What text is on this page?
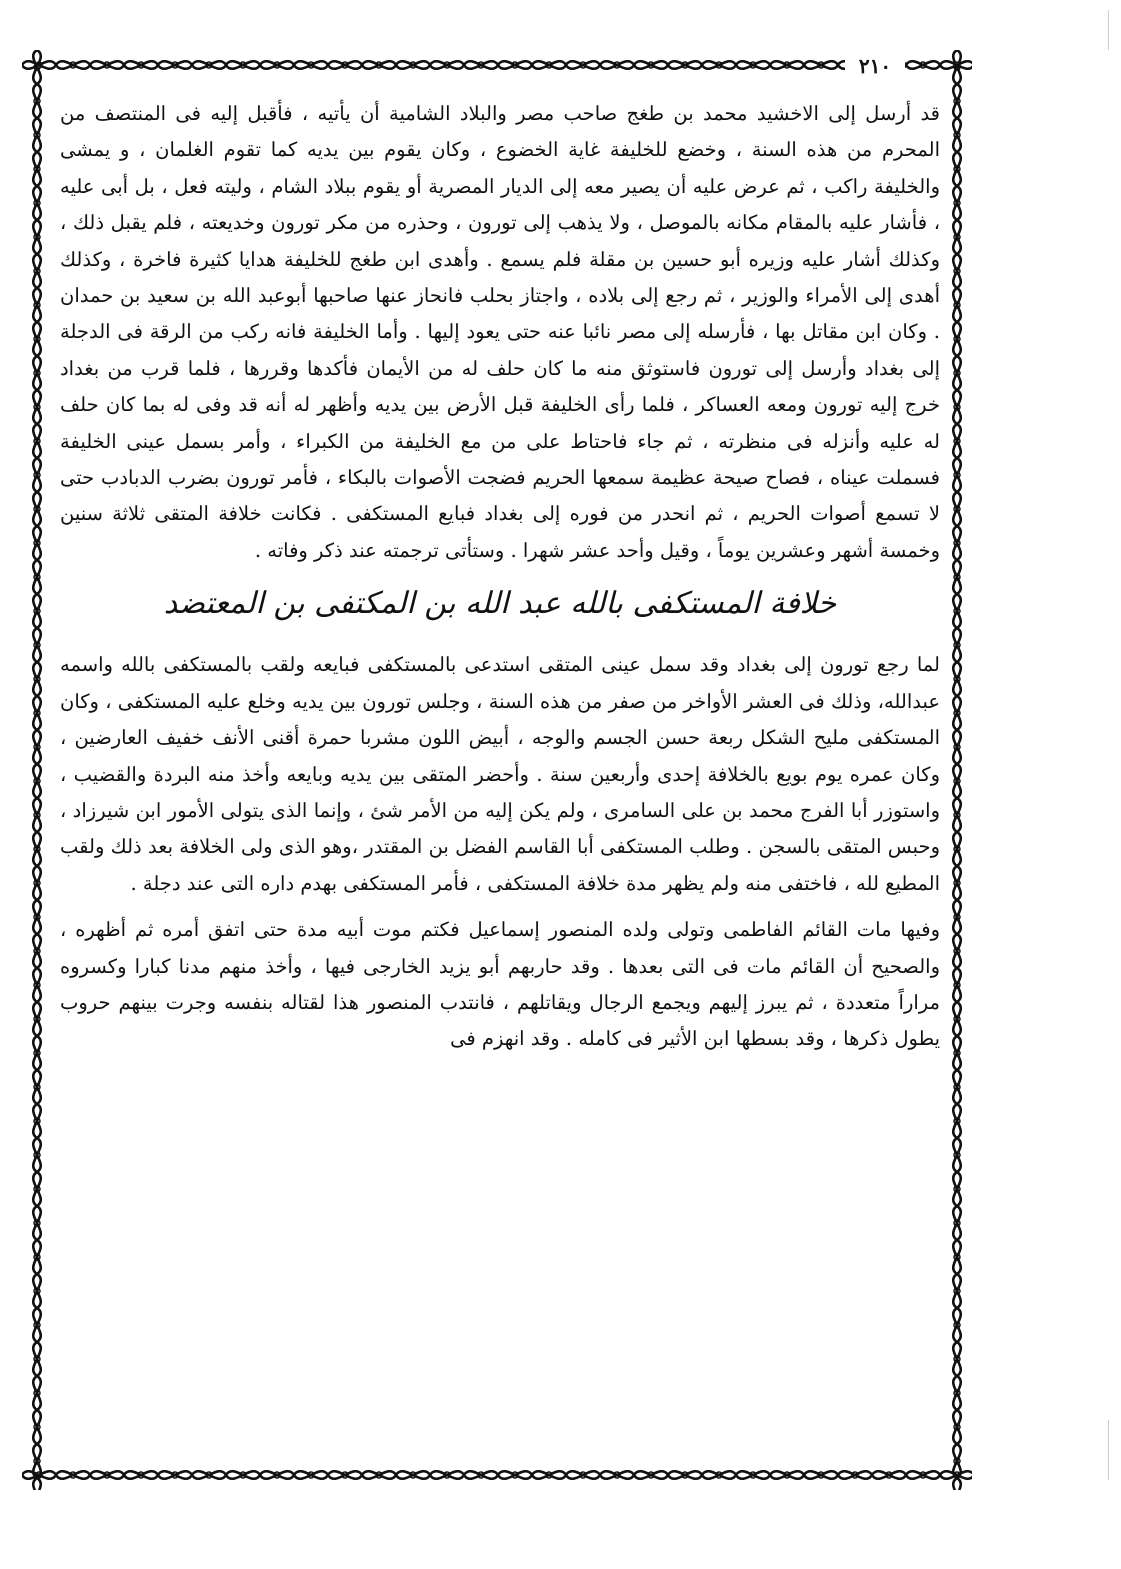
٢١٠

قد أرسل إلى الاخشيد محمد بن طغج صاحب مصر والبلاد الشامية أن يأتيه ، فأقبل إليه فى المنتصف من المحرم من هذه السنة ، وخضع للخليفة غاية الخضوع ، وكان يقوم بين يديه كما تقوم الغلمان ، و يمشى والخليفة راكب ، ثم عرض عليه أن يصير معه إلى الديار المصرية أو يقوم ببلاد الشام ، وليته فعل ، بل أبى عليه ، فأشار عليه بالمقام مكانه بالموصل ، ولا يذهب إلى تورون ، وحذره من مكر تورون وخديعته ، فلم يقبل ذلك ، وكذلك أشار عليه وزيره أبو حسين بن مقلة فلم يسمع . وأهدى ابن طغج للخليفة هدايا كثيرة فاخرة ، وكذلك أهدى إلى الأمراء والوزير ، ثم رجع إلى بلاده ، واجتاز بحلب فانحاز عنها صاحبها أبوعبد الله بن سعيد بن حمدان . وكان ابن مقاتل بها ، فأرسله إلى مصر نائبا عنه حتى يعود إليها . وأما الخليفة فانه ركب من الرقة فى الدجلة إلى بغداد وأرسل إلى تورون فاستوثق منه ما كان حلف له من الأيمان فأكدها وقررها ، فلما قرب من بغداد خرج إليه تورون ومعه العساكر ، فلما رأى الخليفة قبل الأرض بين يديه وأظهر له أنه قد وفى له بما كان حلف له عليه وأنزله فى منظرته ، ثم جاء فاحتاط على من مع الخليفة من الكبراء ، وأمر بسمل عينى الخليفة فسملت عيناه ، فصاح صيحة عظيمة سمعها الحريم فضجت الأصوات بالبكاء ، فأمر تورون بضرب الدبادب حتى لا تسمع أصوات الحريم ، ثم انحدر من فوره إلى بغداد فبايع المستكفى . فكانت خلافة المتقى ثلاثة سنين وخمسة أشهر وعشرين يوماً ، وقيل وأحد عشر شهرا . وستأتى ترجمته عند ذكر وفاته .

خلافة المستكفى بالله عبد الله بن المكتفى بن المعتضد

لما رجع تورون إلى بغداد وقد سمل عينى المتقى استدعى بالمستكفى فبايعه ولقب بالمستكفى بالله واسمه عبدالله، وذلك فى العشر الأواخر من صفر من هذه السنة ، وجلس تورون بين يديه وخلع عليه المستكفى ، وكان المستكفى مليح الشكل ربعة حسن الجسم والوجه ، أبيض اللون مشربا حمرة أقنى الأنف خفيف العارضين ، وكان عمره يوم بويع بالخلافة إحدى وأربعين سنة . وأحضر المتقى بين يديه وبايعه وأخذ منه البردة والقضيب ، واستوزر أبا الفرج محمد بن على السامرى ، ولم يكن إليه من الأمر شئ ، وإنما الذى يتولى الأمور ابن شيرزاد ، وحبس المتقى بالسجن . وطلب المستكفى أبا القاسم الفضل بن المقتدر ،وهو الذى ولى الخلافة بعد ذلك ولقب المطيع لله ، فاختفى منه ولم يظهر مدة خلافة المستكفى ، فأمر المستكفى بهدم داره التى عند دجلة .

وفيها مات القائم الفاطمى وتولى ولده المنصور إسماعيل فكتم موت أبيه مدة حتى اتفق أمره ثم أظهره ، والصحيح أن القائم مات فى التى بعدها . وقد حاربهم أبو يزيد الخارجى فيها ، وأخذ منهم مدنا كبارا وكسروه مراراً متعددة ، ثم يبرز إليهم ويجمع الرجال ويقاتلهم ، فانتدب المنصور هذا لقتاله بنفسه وجرت بينهم حروب يطول ذكرها ، وقد بسطها ابن الأثير فى كامله . وقد انهزم فى
